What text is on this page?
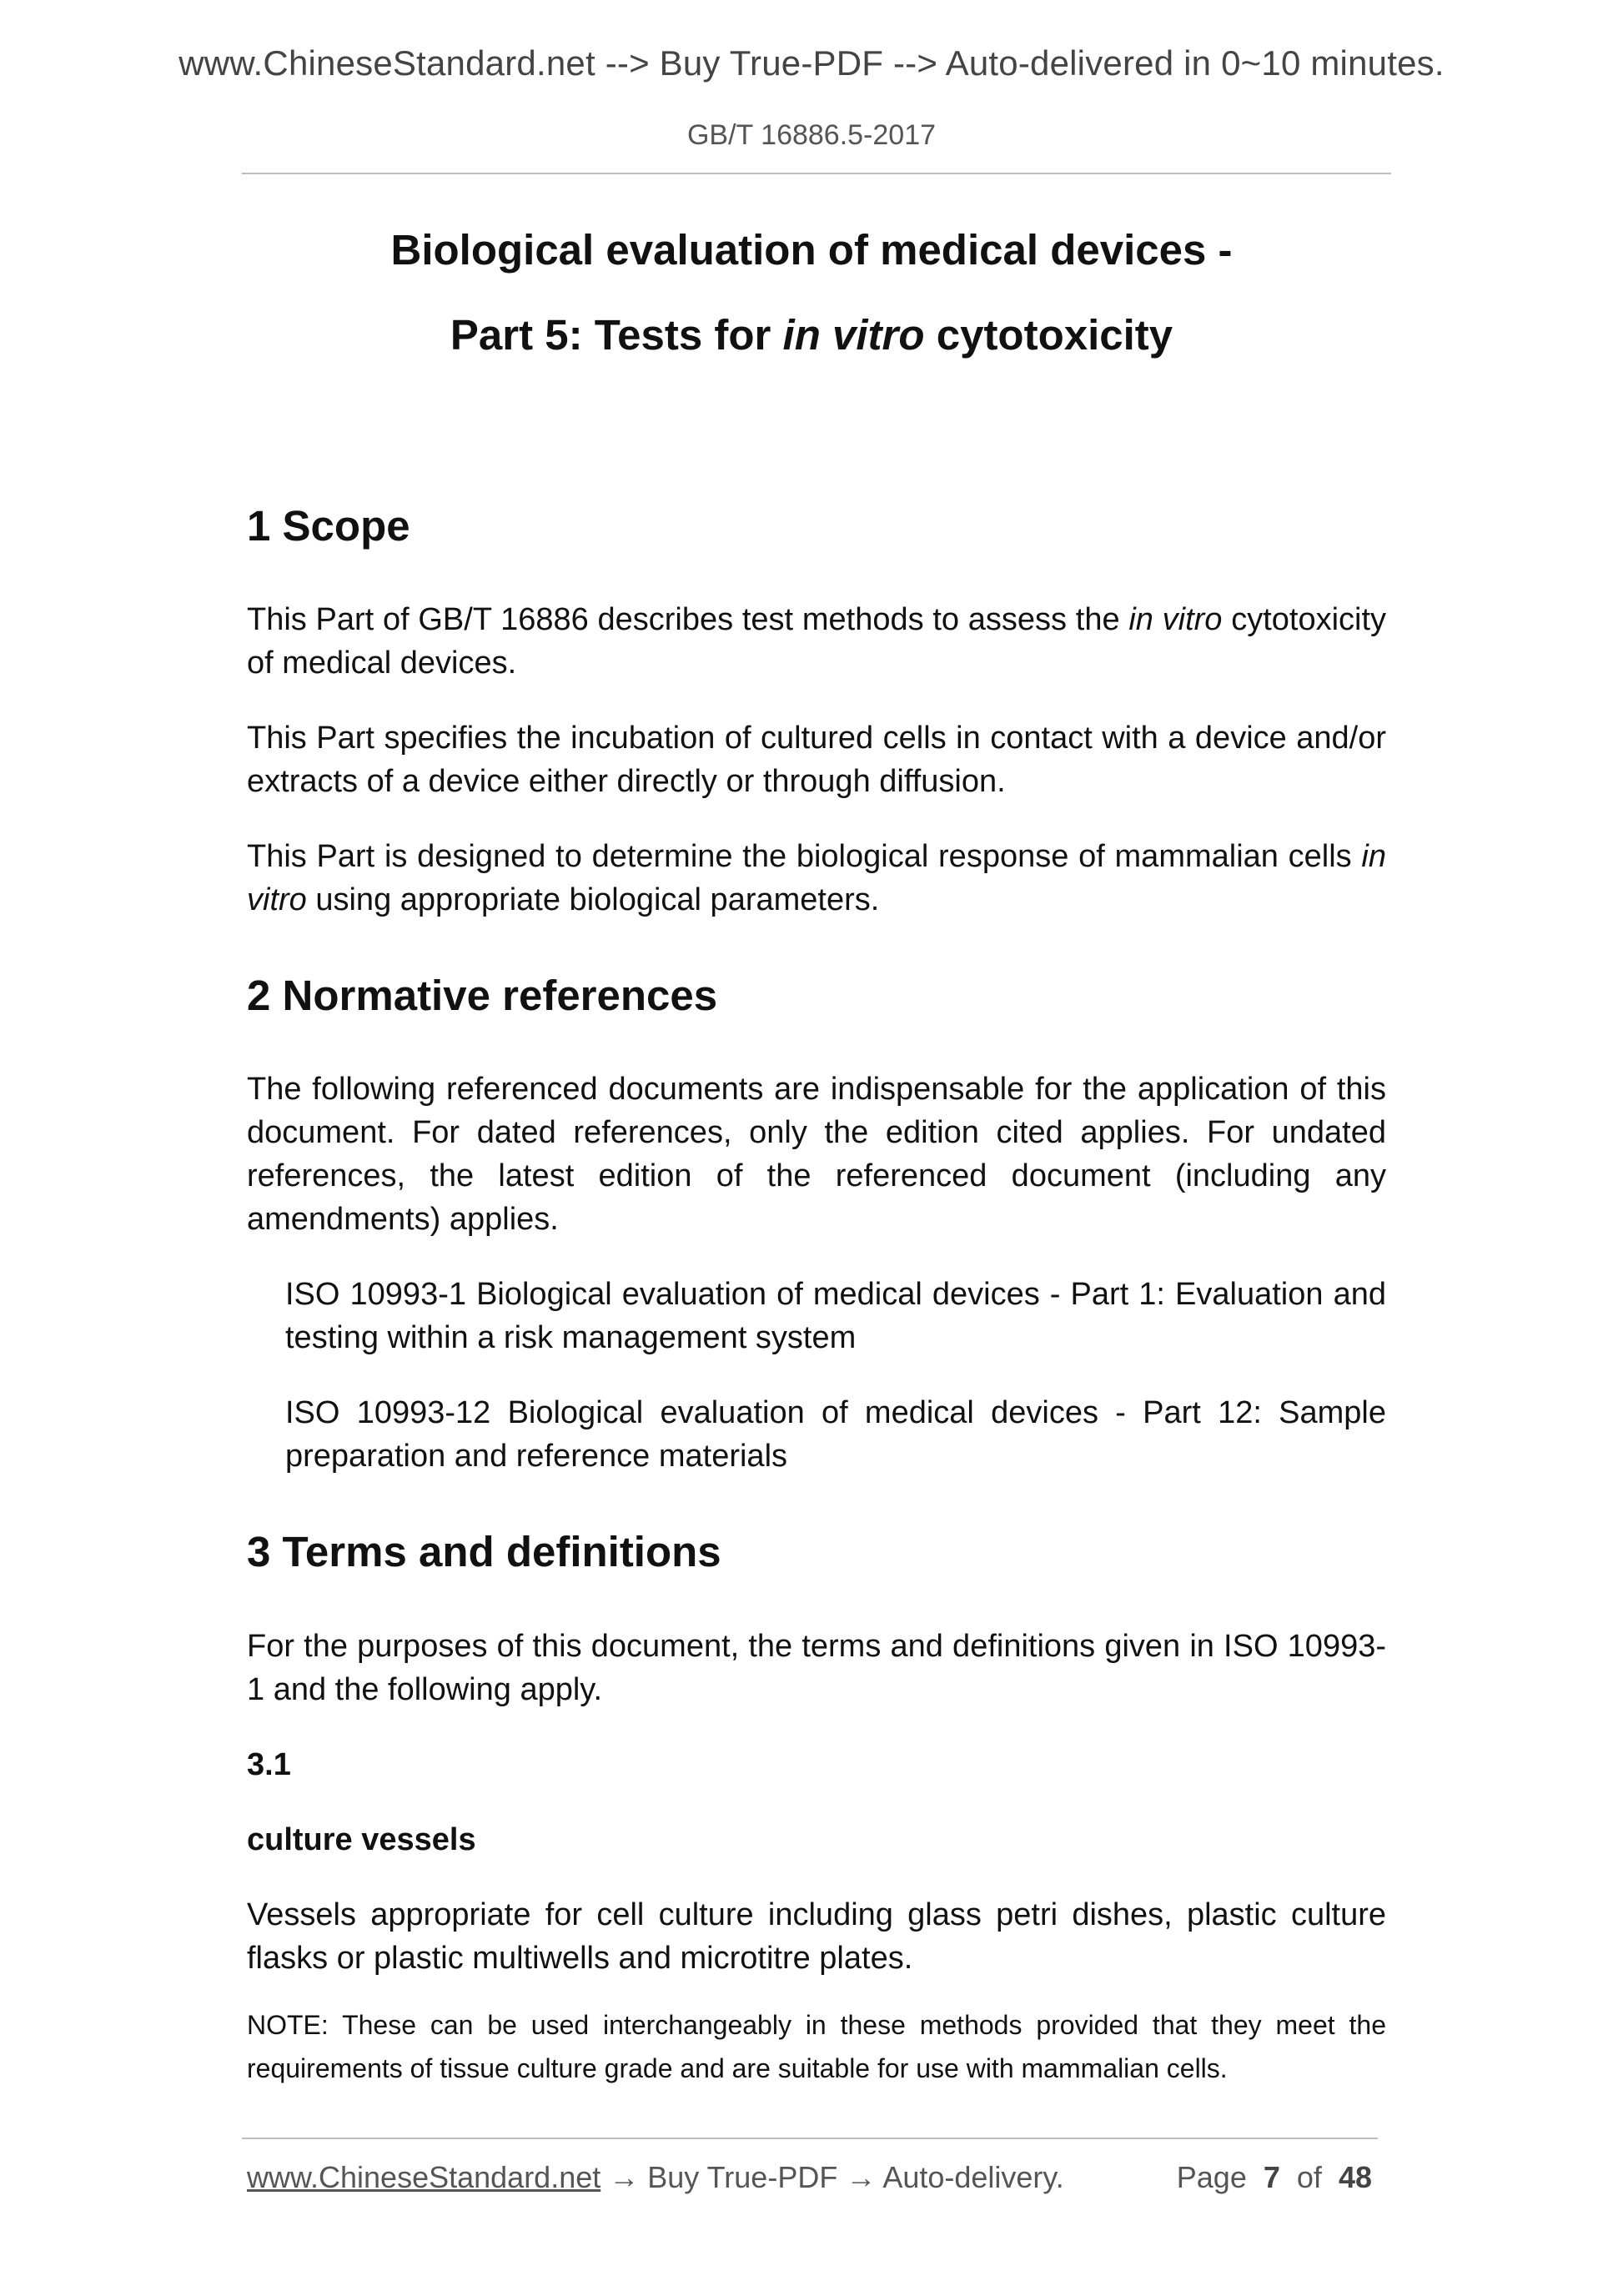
www.ChineseStandard.net --> Buy True-PDF --> Auto-delivered in 0~10 minutes.
GB/T 16886.5-2017
Biological evaluation of medical devices -
Part 5: Tests for in vitro cytotoxicity
1 Scope

This Part of GB/T 16886 describes test methods to assess the in vitro cytotoxicity of medical devices.

This Part specifies the incubation of cultured cells in contact with a device and/or extracts of a device either directly or through diffusion.

This Part is designed to determine the biological response of mammalian cells in vitro using appropriate biological parameters.

2 Normative references

The following referenced documents are indispensable for the application of this document. For dated references, only the edition cited applies. For undated references, the latest edition of the referenced document (including any amendments) applies.

ISO 10993-1 Biological evaluation of medical devices - Part 1: Evaluation and testing within a risk management system

ISO 10993-12 Biological evaluation of medical devices - Part 12: Sample preparation and reference materials

3 Terms and definitions

For the purposes of this document, the terms and definitions given in ISO 10993-1 and the following apply.

3.1

culture vessels

Vessels appropriate for cell culture including glass petri dishes, plastic culture flasks or plastic multiwells and microtitre plates.

NOTE: These can be used interchangeably in these methods provided that they meet the requirements of tissue culture grade and are suitable for use with mammalian cells.

www.ChineseStandard.net → Buy True-PDF → Auto-delivery.	Page 7 of 48
